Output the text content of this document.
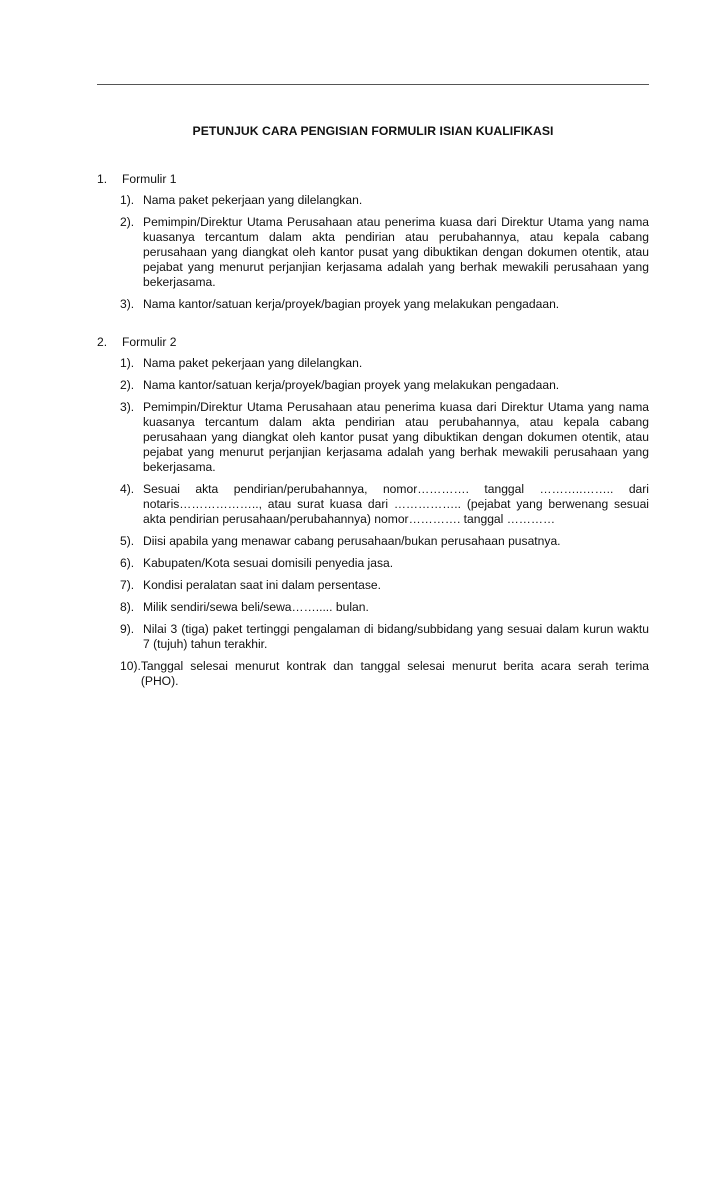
PETUNJUK CARA PENGISIAN FORMULIR ISIAN KUALIFIKASI
1.	Formulir 1
1). Nama paket pekerjaan yang dilelangkan.
2). Pemimpin/Direktur Utama Perusahaan atau penerima kuasa dari Direktur Utama yang nama kuasanya tercantum dalam akta pendirian atau perubahannya, atau kepala cabang perusahaan yang diangkat oleh kantor pusat yang dibuktikan dengan dokumen otentik, atau pejabat yang menurut perjanjian kerjasama adalah yang berhak mewakili perusahaan yang bekerjasama.
3). Nama kantor/satuan kerja/proyek/bagian proyek yang melakukan pengadaan.
2.	Formulir 2
1). Nama paket pekerjaan yang dilelangkan.
2). Nama kantor/satuan kerja/proyek/bagian proyek yang melakukan pengadaan.
3). Pemimpin/Direktur Utama Perusahaan atau penerima kuasa dari Direktur Utama yang nama kuasanya tercantum dalam akta pendirian atau perubahannya, atau kepala cabang perusahaan yang diangkat oleh kantor pusat yang dibuktikan dengan dokumen otentik, atau pejabat yang menurut perjanjian kerjasama adalah yang berhak mewakili perusahaan yang bekerjasama.
4). Sesuai akta pendirian/perubahannya, nomor…………. tanggal ………..…….. dari notaris……………….., atau surat kuasa dari …………….. (pejabat yang berwenang sesuai akta pendirian perusahaan/perubahannya) nomor…………. tanggal …………
5). Diisi apabila yang menawar cabang perusahaan/bukan perusahaan pusatnya.
6). Kabupaten/Kota sesuai domisili penyedia jasa.
7). Kondisi peralatan saat ini dalam persentase.
8). Milik sendiri/sewa beli/sewa……..... bulan.
9). Nilai 3 (tiga) paket tertinggi pengalaman di bidang/subbidang yang sesuai dalam kurun waktu 7 (tujuh) tahun terakhir.
10). Tanggal selesai menurut kontrak dan tanggal selesai menurut berita acara serah terima (PHO).
